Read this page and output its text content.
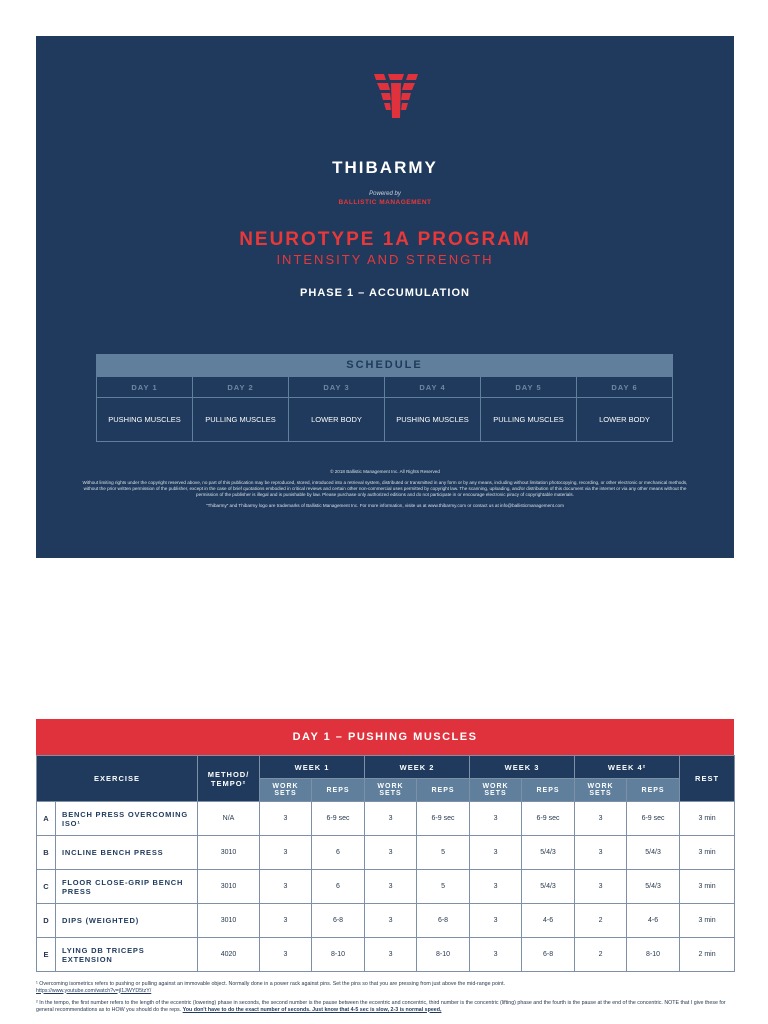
THIBARMY
Powered by
BALLISTIC MANAGEMENT
NEUROTYPE 1A PROGRAM
INTENSITY AND STRENGTH
PHASE 1 – ACCUMULATION
SCHEDULE
DAY 1	DAY 2	DAY 3	DAY 4	DAY 5	DAY 6
PUSHING MUSCLES	PULLING MUSCLES	LOWER BODY	PUSHING MUSCLES	PULLING MUSCLES	LOWER BODY

© 2018 Ballistic Management Inc. All Rights Reserved

Without limiting rights under the copyright reserved above, no part of this publication may be reproduced, stored, introduced into a retrieval system, distributed or transmitted in any form or by any means, including without limitation photocopying, recording, or other electronic or mechanical methods, without the prior written permission of the publisher, except in the case of brief quotations embodied in critical reviews and certain other non-commercial uses permitted by copyright law. The scanning, uploading, and/or distribution of this document via the internet or via any other means without the permission of the publisher is illegal and is punishable by law. Please purchase only authorized editions and do not participate in or encourage electronic piracy of copyrightable materials.

“Thibarmy” and Thibarmy logo are trademarks of Ballistic Management Inc. For more information, visite us at www.thibarmy.com or contact us at info@ballisticmanagement.com

DAY 1 – PUSHING MUSCLES
EXERCISE		METHOD/ TEMPO²	WEEK 1		WEEK 2		WEEK 3		WEEK 4²		REST
			WORK SETS	REPS	WORK SETS	REPS	WORK SETS	REPS	WORK SETS	REPS	
A	BENCH PRESS OVERCOMING ISO¹	N/A	3	6-9 sec	3	6-9 sec	3	6-9 sec	3	6-9 sec	3 min
B	INCLINE BENCH PRESS	3010	3	6	3	5	3	5/4/3	3	5/4/3	3 min
C	FLOOR CLOSE-GRIP BENCH PRESS	3010	3	6	3	5	3	5/4/3	3	5/4/3	3 min
D	DIPS (WEIGHTED)	3010	3	6-8	3	6-8	3	4-6	2	4-6	3 min
E	LYING DB TRICEPS EXTENSION	4020	3	8-10	3	8-10	3	6-8	2	8-10	2 min
¹ Overcoming isometrics refers to pushing or pulling against an immovable object. Normally done in a power rack against pins. Set the pins so that you are pressing from just above the mid-range point.
https://www.youtube.com/watch?v=jl1JWYD5tzY/
² In the tempo, the first number refers to the length of the eccentric (lowering) phase in seconds, the second number is the pause between the eccentric and concentric, third number is the concentric (lifting) phase and the fourth is the pause at the end of the concentric. NOTE that I give these for general recommendations as to HOW you should do the reps. You don't have to do the exact number of seconds. Just know that 4-5 sec is slow, 2-3 is normal speed,
